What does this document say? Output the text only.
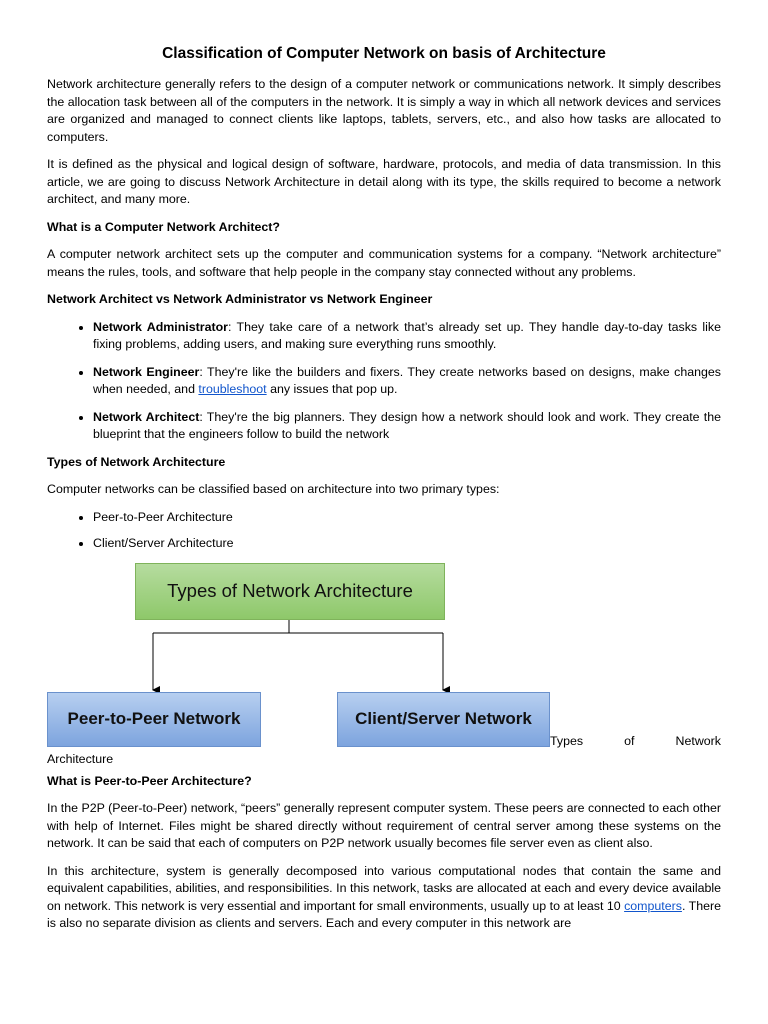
Classification of Computer Network on basis of Architecture

Network architecture generally refers to the design of a computer network or communications network. It simply describes the allocation task between all of the computers in the network. It is simply a way in which all network devices and services are organized and managed to connect clients like laptops, tablets, servers, etc., and also how tasks are allocated to computers.

It is defined as the physical and logical design of software, hardware, protocols, and media of data transmission. In this article, we are going to discuss Network Architecture in detail along with its type, the skills required to become a network architect, and many more.

What is a Computer Network Architect?

A computer network architect sets up the computer and communication systems for a company. “Network architecture” means the rules, tools, and software that help people in the company stay connected without any problems.

Network Architect vs Network Administrator vs Network Engineer

• Network Administrator: They take care of a network that’s already set up. They handle day-to-day tasks like fixing problems, adding users, and making sure everything runs smoothly.
• Network Engineer: They're like the builders and fixers. They create networks based on designs, make changes when needed, and troubleshoot any issues that pop up.
• Network Architect: They're the big planners. They design how a network should look and work. They create the blueprint that the engineers follow to build the network

Types of Network Architecture

Computer networks can be classified based on architecture into two primary types:

• Peer-to-Peer Architecture
• Client/Server Architecture
Types of Network Architecture
Peer-to-Peer Network	Client/Server Network
Types	of	Network
Architecture

What is Peer-to-Peer Architecture?

In the P2P (Peer-to-Peer) network, “peers” generally represent computer system. These peers are connected to each other with help of Internet. Files might be shared directly without requirement of central server among these systems on the network. It can be said that each of computers on P2P network usually becomes file server even as client also.

In this architecture, system is generally decomposed into various computational nodes that contain the same and equivalent capabilities, abilities, and responsibilities. In this network, tasks are allocated at each and every device available on network. This network is very essential and important for small environments, usually up to at least 10 computers. There is also no separate division as clients and servers. Each and every computer in this network are
